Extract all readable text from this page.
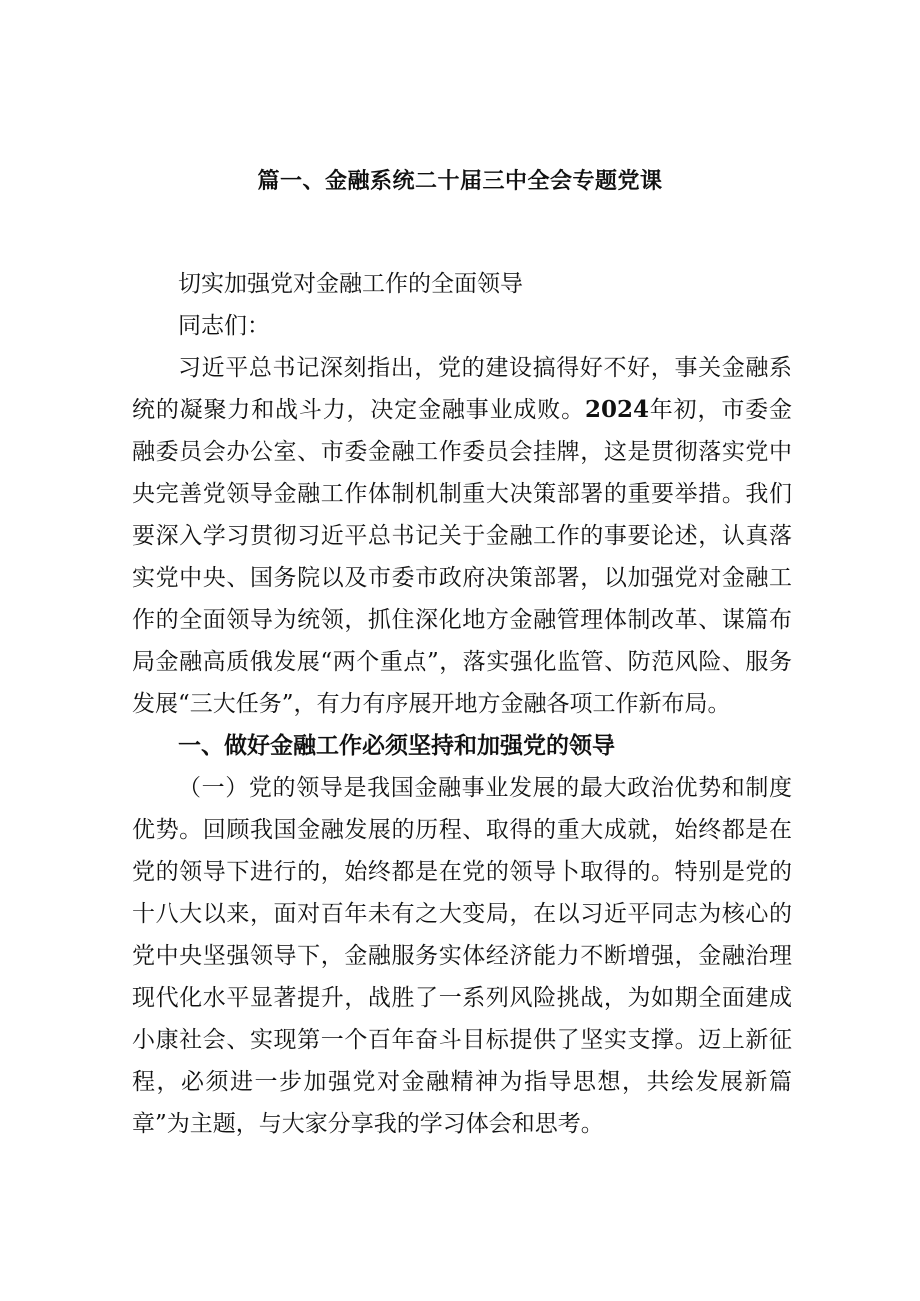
篇一、金融系统二十届三中全会专题党课
切实加强党对金融工作的全面领导
同志们：
习近平总书记深刻指出，党的建设搞得好不好，事关金融系统的凝聚力和战斗力，决定金融事业成败。2024年初，市委金融委员会办公室、市委金融工作委员会挂牌，这是贯彻落实党中央完善党领导金融工作体制机制重大决策部署的重要举措。我们要深入学习贯彻习近平总书记关于金融工作的事要论述，认真落实党中央、国务院以及市委市政府决策部署，以加强党对金融工作的全面领导为统领，抓住深化地方金融管理体制改革、谋篇布局金融高质俄发展“两个重点”，落实强化监管、防范风险、服务发展“三大任务”，有力有序展开地方金融各项工作新布局。
一、做好金融工作必须坚持和加强党的领导
（一）党的领导是我国金融事业发展的最大政治优势和制度优势。回顾我国金融发展的历程、取得的重大成就，始终都是在党的领导下进行的，始终都是在党的领导卜取得的。特别是党的十八大以来，面对百年未有之大变局，在以习近平同志为核心的党中央坚强领导下，金融服务实体经济能力不断增强，金融治理现代化水平显著提升，战胜了一系列风险挑战，为如期全面建成小康社会、实现第一个百年奋斗目标提供了坚实支撑。迈上新征程，必须进一步加强党对金融精神为指导思想，共绘发展新篇章”为主题，与大家分享我的学习体会和思考。
